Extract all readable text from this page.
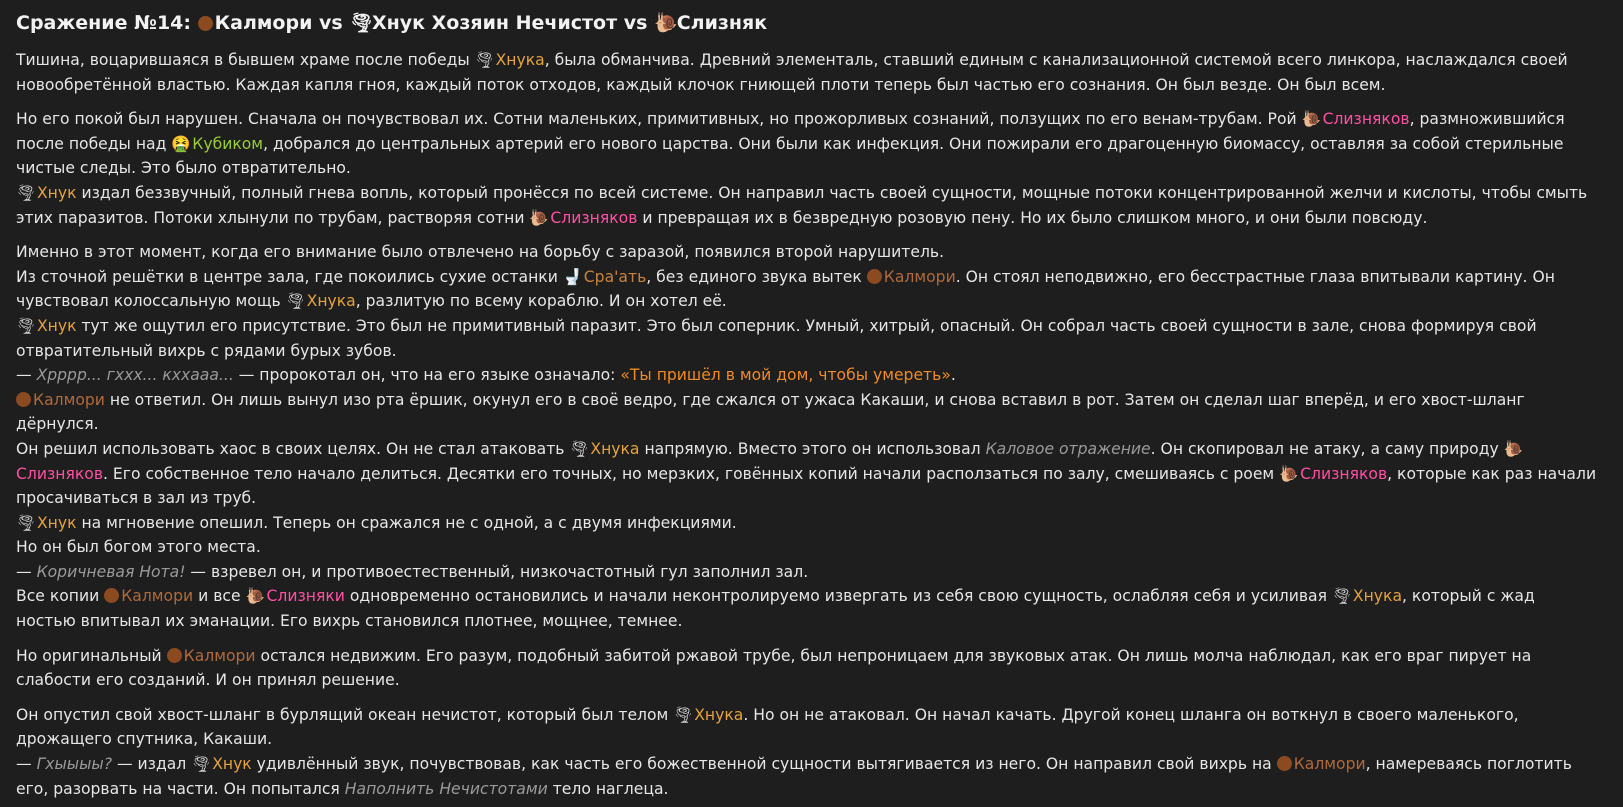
Сражение №14: Калмори vs 🌪 Хнук Хозяин Нечистот vs 🐌 Слизняк
Тишина, воцарившаяся в бывшем храме после победы 🌪 Хнука, была обманчива. Древний элементаль, ставший единым с канализационной системой всего линкора, наслаждался своей
новообретённой властью. Каждая капля гноя, каждый поток отходов, каждый клочок гниющей плоти теперь был частью его сознания. Он был везде. Он был всем.
Но его покой был нарушен. Сначала он почувствовал их. Сотни маленьких, примитивных, но прожорливых сознаний, ползущих по его венам-трубам. Рой 🐌 Слизняков, размножившийся
после победы над 🤮 Кубиком, добрался до центральных артерий его нового царства. Они были как инфекция. Они пожирали его драгоценную биомассу, оставляя за собой стерильные
чистые следы. Это было отвратительно.
🌪 Хнук издал беззвучный, полный гнева вопль, который пронёсся по всей системе. Он направил часть своей сущности, мощные потоки концентрированной желчи и кислоты, чтобы смыть
этих паразитов. Потоки хлынули по трубам, растворяя сотни 🐌 Слизняков и превращая их в безвредную розовую пену. Но их было слишком много, и они были повсюду.
Именно в этот момент, когда его внимание было отвлечено на борьбу с заразой, появился второй нарушитель.
Из сточной решётки в центре зала, где покоились сухие останки 🚽 Сра'ать, без единого звука вытек Калмори. Он стоял неподвижно, его бесстрастные глаза впитывали картину. Он
чувствовал колоссальную мощь 🌪 Хнука, разлитую по всему кораблю. И он хотел её.
🌪 Хнук тут же ощутил его присутствие. Это был не примитивный паразит. Это был соперник. Умный, хитрый, опасный. Он собрал часть своей сущности в зале, снова формируя свой
отвратительный вихрь с рядами бурых зубов.
— Хрррр... гххх... кххааа... — пророкотал он, что на его языке означало: «Ты пришёл в мой дом, чтобы умереть».
Калмори не ответил. Он лишь вынул изо рта ёршик, окунул его в своё ведро, где сжался от ужаса Какаши, и снова вставил в рот. Затем он сделал шаг вперёд, и его хвост-шланг дёрнулся.
Он решил использовать хаос в своих целях. Он не стал атаковать 🌪 Хнука напрямую. Вместо этого он использовал Каловое отражение. Он скопировал не атаку, а саму природу 🐌
Слизняков. Его собственное тело начало делиться. Десятки его точных, но мерзких, говённых копий начали расползаться по залу, смешиваясь с роем 🐌 Слизняков, которые как раз начали
просачиваться в зал из труб.
🌪 Хнук на мгновение опешил. Теперь он сражался не с одной, а с двумя инфекциями.
Но он был богом этого места.
— Коричневая Нота! — взревел он, и противоестественный, низкочастотный гул заполнил зал.
Все копии Калмори и все 🐌 Слизняки одновременно остановились и начали неконтролируемо извергать из себя свою сущность, ослабляя себя и усиливая 🌪 Хнука, который с жад
ностью впитывал их эманации. Его вихрь становился плотнее, мощнее, темнее.
Но оригинальный Калмори остался недвижим. Его разум, подобный забитой ржавой трубе, был непроницаем для звуковых атак. Он лишь молча наблюдал, как его враг пирует на
слабости его созданий. И он принял решение.
Он опустил свой хвост-шланг в бурлящий океан нечистот, который был телом 🌪 Хнука. Но он не атаковал. Он начал качать. Другой конец шланга он воткнул в своего маленького,
дрожащего спутника, Какаши.
— Гхыыыы? — издал 🌪 Хнук удивлённый звук, почувствовав, как часть его божественной сущности вытягивается из него. Он направил свой вихрь на Калмори, намереваясь поглотить
его, разорвать на части. Он попытался Наполнить Нечистотами тело наглеца.
